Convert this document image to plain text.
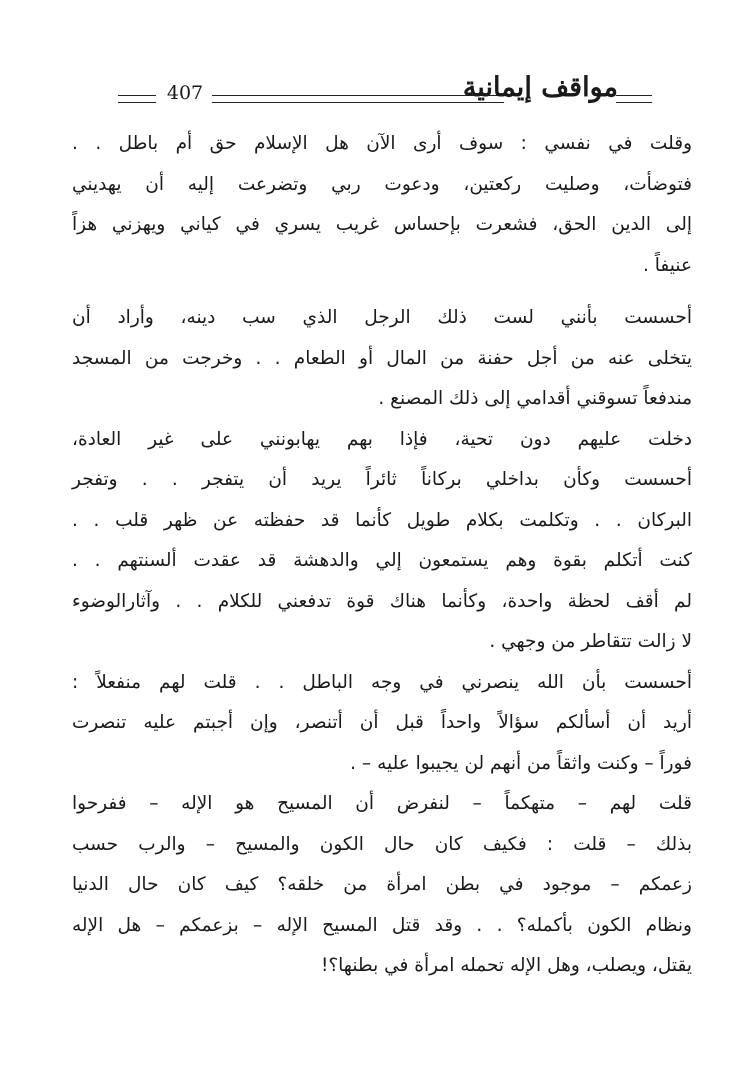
407	مواقف إيمانية

وقلت في نفسي : سوف أرى الآن هل الإسلام حق أم باطل . .
فتوضأت، وصليت ركعتين، ودعوت ربي وتضرعت إليه أن يهديني
إلى الدين الحق، فشعرت بإحساس غريب يسري في كياني ويهزني هزاً
عنيفاً .

أحسست بأنني لست ذلك الرجل الذي سب دينه، وأراد أن
يتخلى عنه من أجل حفنة من المال أو الطعام . . وخرجت من المسجد
مندفعاً تسوقني أقدامي إلى ذلك المصنع .

دخلت عليهم دون تحية، فإذا بهم يهابونني على غير العادة،
أحسست وكأن بداخلي بركاناً ثائراً يريد أن يتفجر . . وتفجر
البركان . . وتكلمت بكلام طويل كأنما قد حفظته عن ظهر قلب . .
كنت أتكلم بقوة وهم يستمعون إلي والدهشة قد عقدت ألسنتهم . .
لم أقف لحظة واحدة، وكأنما هناك قوة تدفعني للكلام . . وآثارالوضوء
لا زالت تتقاطر من وجهي .

أحسست بأن الله ينصرني في وجه الباطل . . قلت لهم منفعلاً :
أريد أن أسألكم سؤالاً واحداً قبل أن أتنصر، وإن أجبتم عليه تنصرت
فوراً – وكنت واثقاً من أنهم لن يجيبوا عليه – .

قلت لهم – متهكماً – لنفرض أن المسيح هو الإله – ففرحوا
بذلك – قلت : فكيف كان حال الكون والمسيح – والرب حسب
زعمكم – موجود في بطن امرأة من خلقه؟ كيف كان حال الدنيا
ونظام الكون بأكمله؟ . . وقد قتل المسيح الإله – بزعمكم – هل الإله
يقتل، ويصلب، وهل الإله تحمله امرأة في بطنها؟!
